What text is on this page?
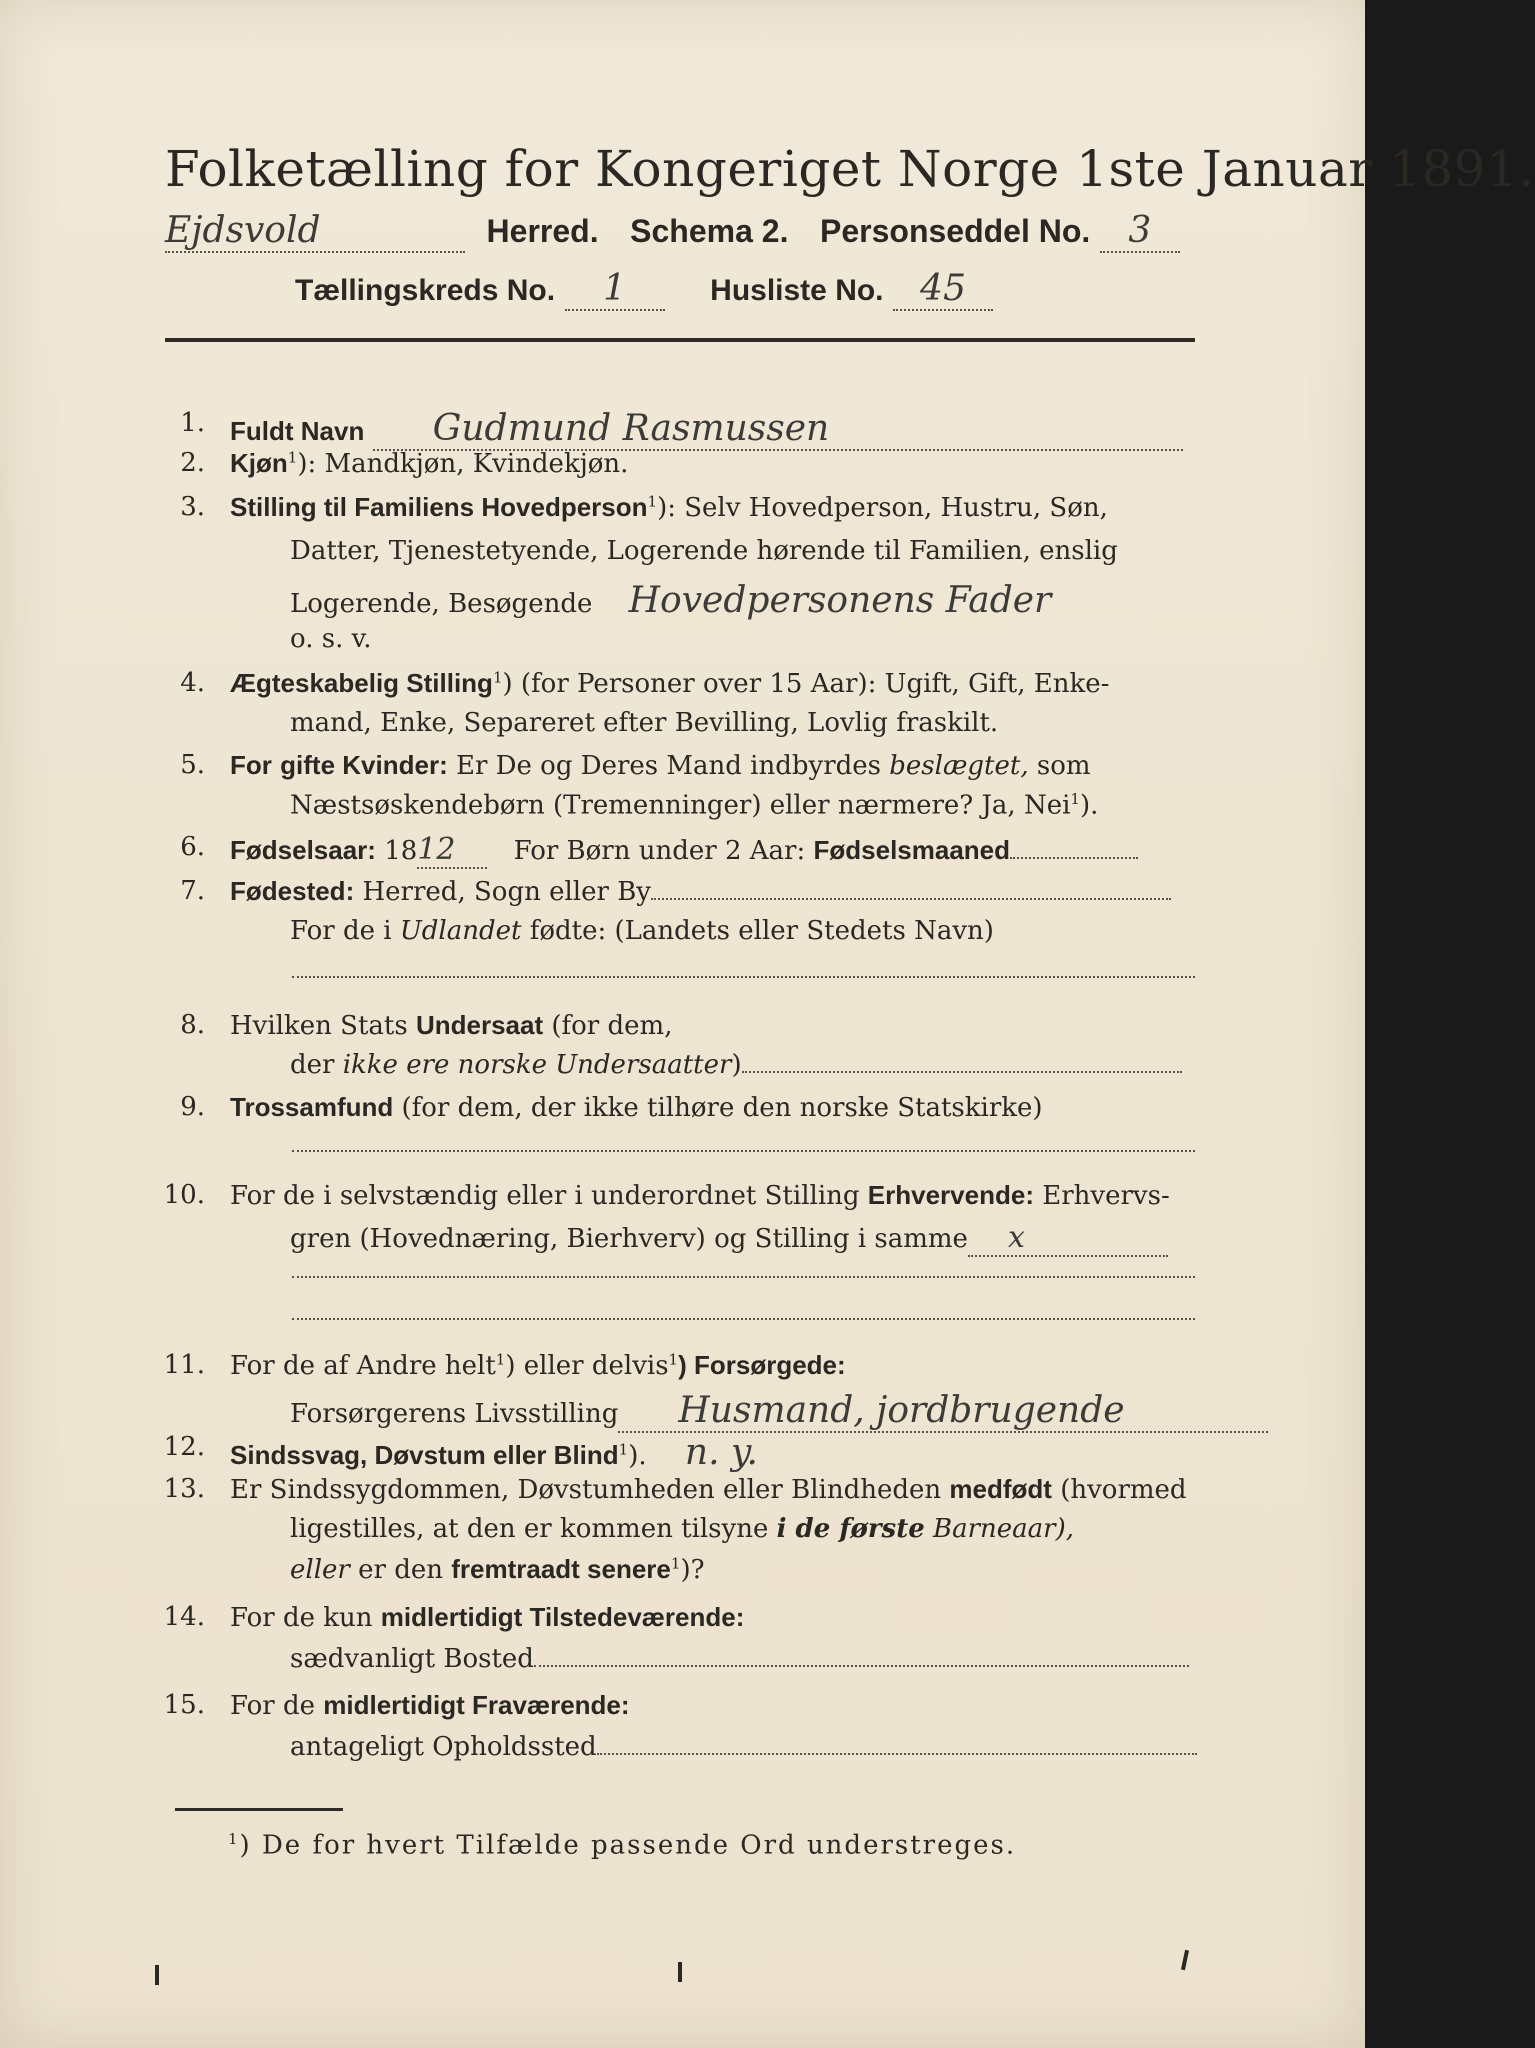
Folketælling for Kongeriget Norge 1ste Januar 1891.
Ejdsvold	Herred. Schema 2. Personseddel No. 3
Tællingskreds No. 1	Husliste No. 45
1. Fuldt Navn Gudmund Rasmussen
2. Kjøn$^1$): Mandkjøn, Kvindekjøn.
3. Stilling til Familiens Hovedperson$^1$): Selv Hovedperson, Hustru, Søn,
Datter, Tjenestetyende, Logerende hørende til Familien, enslig
Logerende, Besøgende Hovedpersonens Fader
o. s. v.
4. Ægteskabelig Stilling$^1$) (for Personer over 15 Aar): Ugift, Gift, Enke-
mand, Enke, Separeret efter Bevilling, Lovlig fraskilt.
5. For gifte Kvinder: Er De og Deres Mand indbyrdes beslægtet, som
Næstsøskendebørn (Tremenninger) eller nærmere? Ja, Nei$^1$).
6. Fødselsaar: 1812 For Børn under 2 Aar: Fødselsmaaned
7. Fødested: Herred, Sogn eller By
For de i Udlandet fødte: (Landets eller Stedets Navn)
8. Hvilken Stats Undersaat (for dem,
der ikke ere norske Undersaatter)
9. Trossamfund (for dem, der ikke tilhøre den norske Statskirke)
10. For de i selvstændig eller i underordnet Stilling Erhvervende: Erhvervs-
gren (Hovednæring, Bierhverv) og Stilling i samme x
11. For de af Andre helt$^1$) eller delvis$^1$) Forsørgede:
Forsørgerens Livsstilling Husmand, jordbrugende
12. Sindssvag, Døvstum eller Blind$^1$). n. y.
13. Er Sindssygdommen, Døvstumheden eller Blindheden medfødt (hvormed
ligestilles, at den er kommen tilsyne i de første Barneaar),
eller er den fremtraadt senere$^1$)?
14. For de kun midlertidigt Tilstedeværende:
sædvanligt Bosted
15. For de midlertidigt Fraværende:
antageligt Opholdssted
$^1$) De for hvert Tilfælde passende Ord understreges.
